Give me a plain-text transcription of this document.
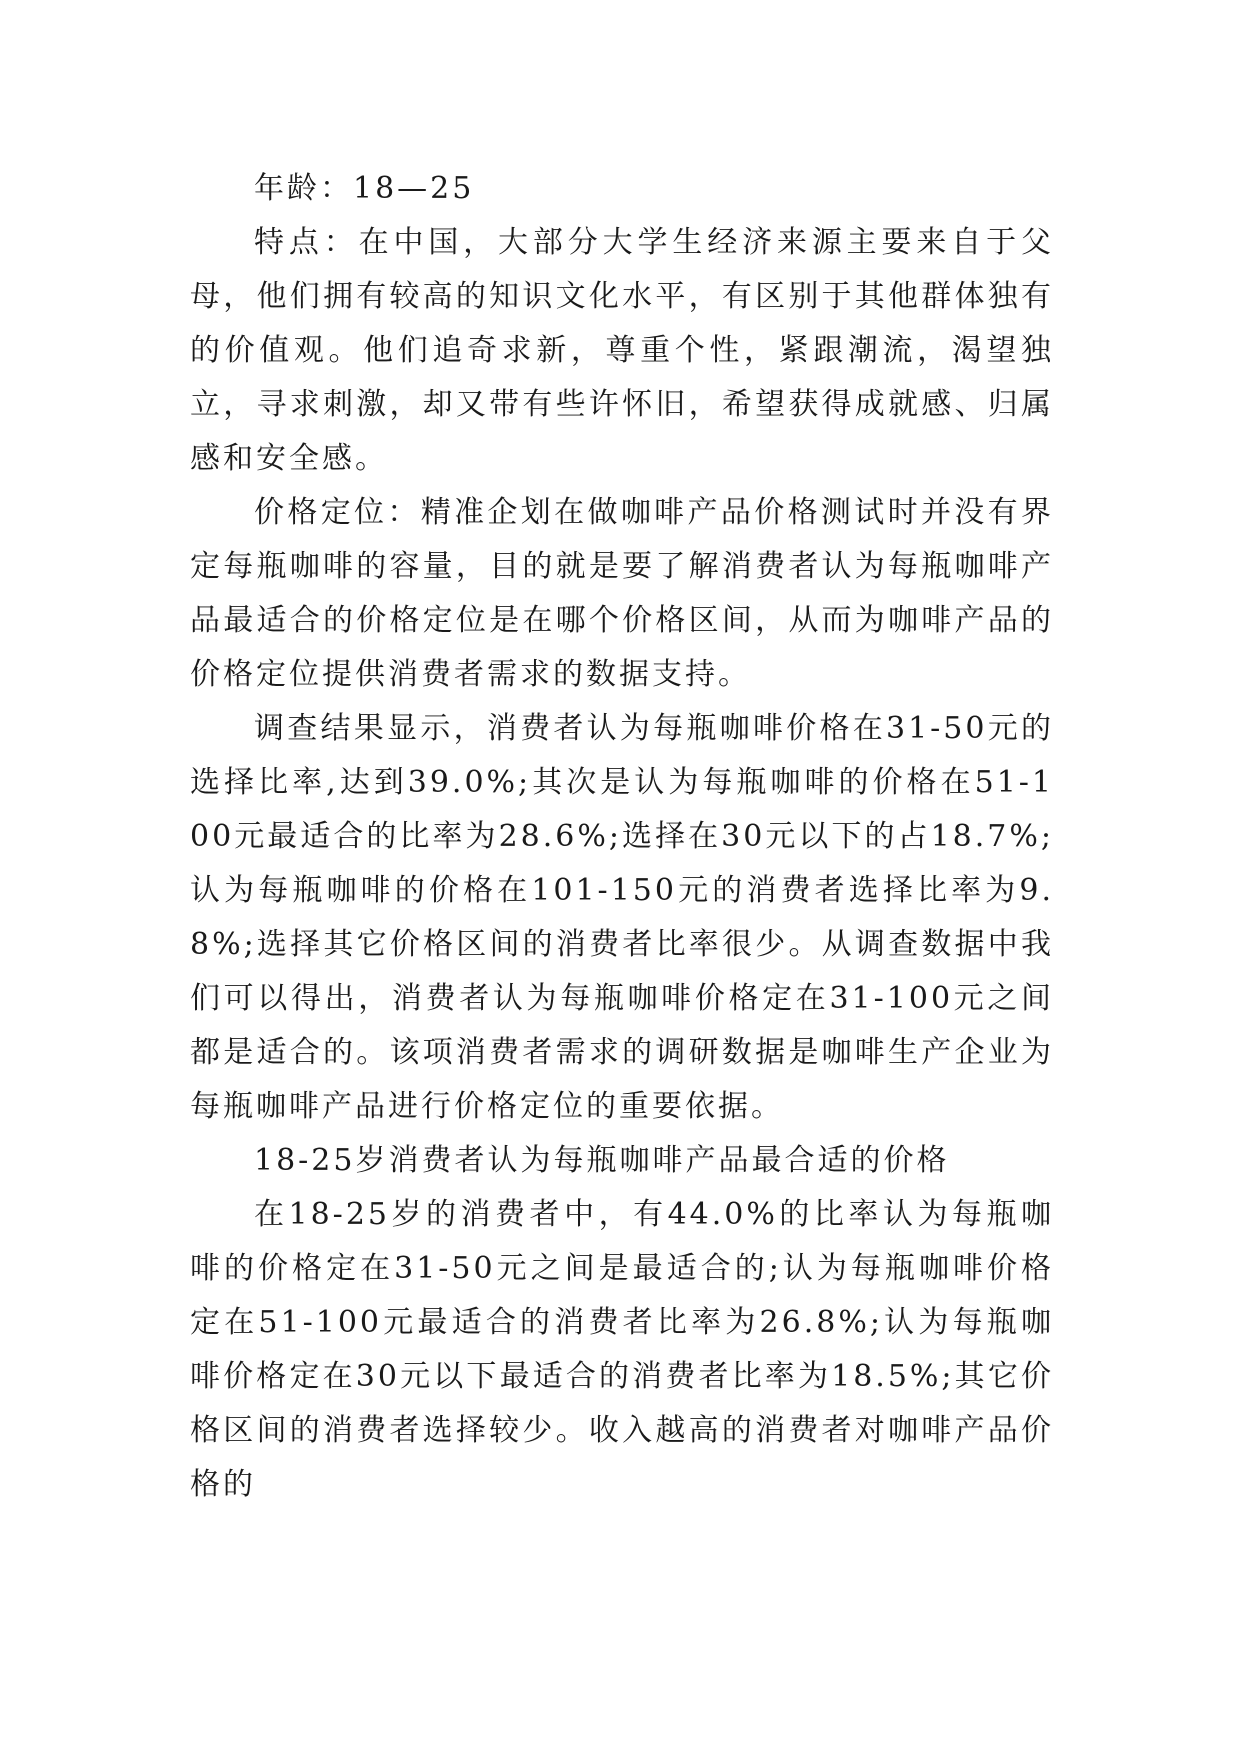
年龄：18—25

特点：在中国，大部分大学生经济来源主要来自于父母，他们拥有较高的知识文化水平，有区别于其他群体独有的价值观。他们追奇求新，尊重个性，紧跟潮流，渴望独立，寻求刺激，却又带有些许怀旧，希望获得成就感、归属感和安全感。

价格定位：精准企划在做咖啡产品价格测试时并没有界定每瓶咖啡的容量，目的就是要了解消费者认为每瓶咖啡产品最适合的价格定位是在哪个价格区间，从而为咖啡产品的价格定位提供消费者需求的数据支持。

调查结果显示，消费者认为每瓶咖啡价格在31-50元的选择比率,达到39.0%;其次是认为每瓶咖啡的价格在51-100元最适合的比率为28.6%;选择在30元以下的占18.7%;认为每瓶咖啡的价格在101-150元的消费者选择比率为9.8%;选择其它价格区间的消费者比率很少。从调查数据中我们可以得出，消费者认为每瓶咖啡价格定在31-100元之间都是适合的。该项消费者需求的调研数据是咖啡生产企业为每瓶咖啡产品进行价格定位的重要依据。

18-25岁消费者认为每瓶咖啡产品最合适的价格

在18-25岁的消费者中，有44.0%的比率认为每瓶咖啡的价格定在31-50元之间是最适合的;认为每瓶咖啡价格定在51-100元最适合的消费者比率为26.8%;认为每瓶咖啡价格定在30元以下最适合的消费者比率为18.5%;其它价格区间的消费者选择较少。收入越高的消费者对咖啡产品价格的
